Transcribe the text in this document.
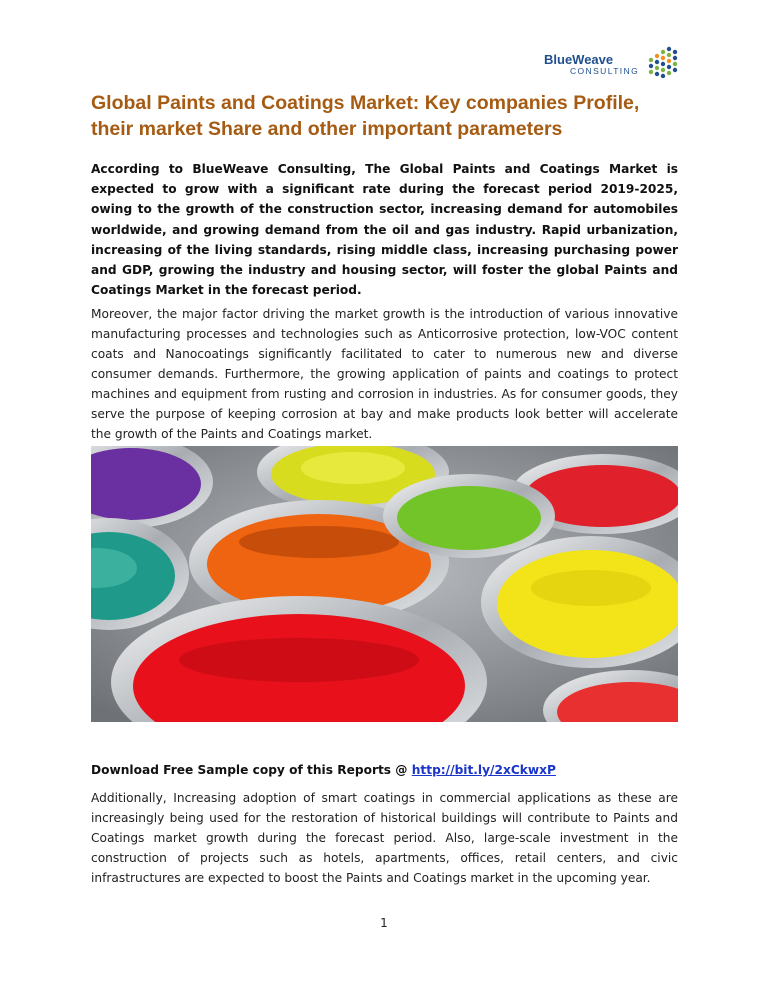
BlueWeave
CONSULTING
Global Paints and Coatings Market: Key companies Profile, their market Share and other important parameters

According to BlueWeave Consulting, The Global Paints and Coatings Market is expected to grow with a significant rate during the forecast period 2019-2025, owing to the growth of the construction sector, increasing demand for automobiles worldwide, and growing demand from the oil and gas industry. Rapid urbanization, increasing of the living standards, rising middle class, increasing purchasing power and GDP, growing the industry and housing sector, will foster the global Paints and Coatings Market in the forecast period.

Moreover, the major factor driving the market growth is the introduction of various innovative manufacturing processes and technologies such as Anticorrosive protection, low-VOC content coats and Nanocoatings significantly facilitated to cater to numerous new and diverse consumer demands. Furthermore, the growing application of paints and coatings to protect machines and equipment from rusting and corrosion in industries. As for consumer goods, they serve the purpose of keeping corrosion at bay and make products look better will accelerate the growth of the Paints and Coatings market.

Download Free Sample copy of this Reports @ http://bit.ly/2xCkwxP

Additionally, Increasing adoption of smart coatings in commercial applications as these are increasingly being used for the restoration of historical buildings will contribute to Paints and Coatings market growth during the forecast period. Also, large-scale investment in the construction of projects such as hotels, apartments, offices, retail centers, and civic infrastructures are expected to boost the Paints and Coatings market in the upcoming year.

1
